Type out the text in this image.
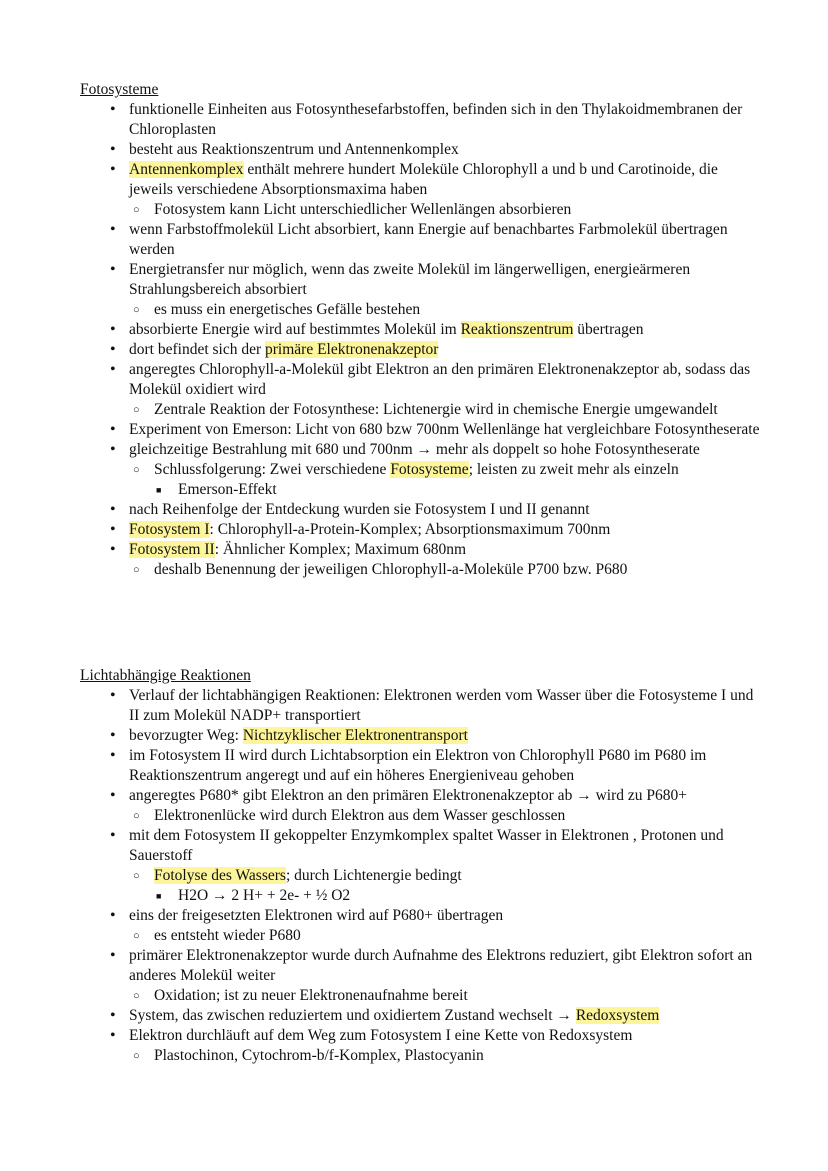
Fotosysteme

• funktionelle Einheiten aus Fotosynthesefarbstoffen, befinden sich in den Thylakoidmembranen der Chloroplasten
• besteht aus Reaktionszentrum und Antennenkomplex
• Antennenkomplex enthält mehrere hundert Moleküle Chlorophyll a und b und Carotinoide, die jeweils verschiedene Absorptionsmaxima haben
○ Fotosystem kann Licht unterschiedlicher Wellenlängen absorbieren
• wenn Farbstoffmolekül Licht absorbiert, kann Energie auf benachbartes Farbmolekül übertragen werden
• Energietransfer nur möglich, wenn das zweite Molekül im längerwelligen, energieärmeren Strahlungsbereich absorbiert
○ es muss ein energetisches Gefälle bestehen
• absorbierte Energie wird auf bestimmtes Molekül im Reaktionszentrum übertragen
• dort befindet sich der primäre Elektronenakzeptor
• angeregtes Chlorophyll-a-Molekül gibt Elektron an den primären Elektronenakzeptor ab, sodass das Molekül oxidiert wird
○ Zentrale Reaktion der Fotosynthese: Lichtenergie wird in chemische Energie umgewandelt
• Experiment von Emerson: Licht von 680 bzw 700nm Wellenlänge hat vergleichbare Fotosyntheserate
• gleichzeitige Bestrahlung mit 680 und 700nm → mehr als doppelt so hohe Fotosyntheserate
○ Schlussfolgerung: Zwei verschiedene Fotosysteme; leisten zu zweit mehr als einzeln
■ Emerson-Effekt
• nach Reihenfolge der Entdeckung wurden sie Fotosystem I und II genannt
• Fotosystem I: Chlorophyll-a-Protein-Komplex; Absorptionsmaximum 700nm
• Fotosystem II: Ähnlicher Komplex; Maximum 680nm
○ deshalb Benennung der jeweiligen Chlorophyll-a-Moleküle P700 bzw. P680

Lichtabhängige Reaktionen

• Verlauf der lichtabhängigen Reaktionen: Elektronen werden vom Wasser über die Fotosysteme I und II zum Molekül NADP+ transportiert
• bevorzugter Weg: Nichtzyklischer Elektronentransport
• im Fotosystem II wird durch Lichtabsorption ein Elektron von Chlorophyll P680 im P680 im Reaktionszentrum angeregt und auf ein höheres Energieniveau gehoben
• angeregtes P680* gibt Elektron an den primären Elektronenakzeptor ab → wird zu P680+
○ Elektronenlücke wird durch Elektron aus dem Wasser geschlossen
• mit dem Fotosystem II gekoppelter Enzymkomplex spaltet Wasser in Elektronen , Protonen und Sauerstoff
○ Fotolyse des Wassers; durch Lichtenergie bedingt
■ H2O → 2 H+ + 2e- + ½ O2
• eins der freigesetzten Elektronen wird auf P680+ übertragen
○ es entsteht wieder P680
• primärer Elektronenakzeptor wurde durch Aufnahme des Elektrons reduziert, gibt Elektron sofort an anderes Molekül weiter
○ Oxidation; ist zu neuer Elektronenaufnahme bereit
• System, das zwischen reduziertem und oxidiertem Zustand wechselt → Redoxsystem
• Elektron durchläuft auf dem Weg zum Fotosystem I eine Kette von Redoxsystem
○ Plastochinon, Cytochrom-b/f-Komplex, Plastocyanin
